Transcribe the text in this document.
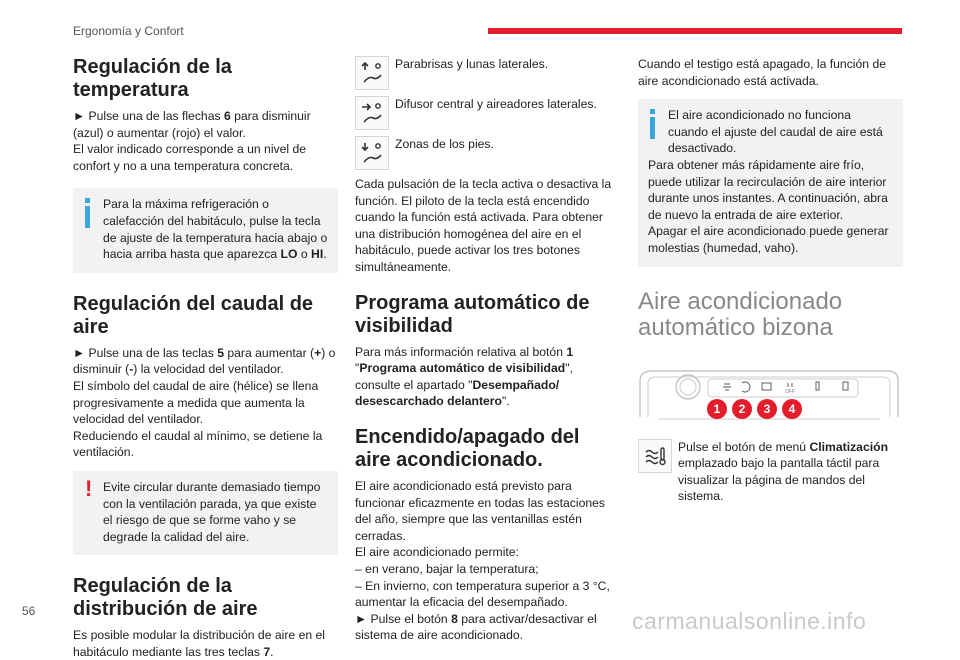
Ergonomía y Confort
Regulación de la temperatura

► Pulse una de las flechas 6 para disminuir (azul) o aumentar (rojo) el valor.

El valor indicado corresponde a un nivel de confort y no a una temperatura concreta.

Para la máxima refrigeración o calefacción del habitáculo, pulse la tecla de ajuste de la temperatura hacia abajo o hacia arriba hasta que aparezca LO o HI.

Regulación del caudal de aire

► Pulse una de las teclas 5 para aumentar (+) o disminuir (-) la velocidad del ventilador.

El símbolo del caudal de aire (hélice) se llena progresivamente a medida que aumenta la velocidad del ventilador.

Reduciendo el caudal al mínimo, se detiene la ventilación.

! Evite circular durante demasiado tiempo con la ventilación parada, ya que existe el riesgo de que se forme vaho y se degrade la calidad del aire.

Regulación de la distribución de aire

Es posible modular la distribución de aire en el habitáculo mediante las tres teclas 7.

Parabrisas y lunas laterales.
Difusor central y aireadores laterales.
Zonas de los pies.

Cada pulsación de la tecla activa o desactiva la función. El piloto de la tecla está encendido cuando la función está activada. Para obtener una distribución homogénea del aire en el habitáculo, puede activar los tres botones simultáneamente.

Programa automático de visibilidad

Para más información relativa al botón 1 "Programa automático de visibilidad", consulte el apartado "Desempañado/ desescarchado delantero".

Encendido/apagado del aire acondicionado.

El aire acondicionado está previsto para funcionar eficazmente en todas las estaciones del año, siempre que las ventanillas estén cerradas.

El aire acondicionado permite:

– en verano, bajar la temperatura;

– En invierno, con temperatura superior a 3 °C, aumentar la eficacia del desempañado.

► Pulse el botón 8 para activar/desactivar el sistema de aire acondicionado.

Cuando el testigo está apagado, la función de aire acondicionado está activada.

El aire acondicionado no funciona cuando el ajuste del caudal de aire está desactivado.

Para obtener más rápidamente aire frío, puede utilizar la recirculación de aire interior durante unos instantes. A continuación, abra de nuevo la entrada de aire exterior.

Apagar el aire acondicionado puede generar molestias (humedad, vaho).

Aire acondicionado automático bizona
OFF
1	2	3	4

Pulse el botón de menú Climatización emplazado bajo la pantalla táctil para visualizar la página de mandos del sistema.

56	carmanualsonline.info
